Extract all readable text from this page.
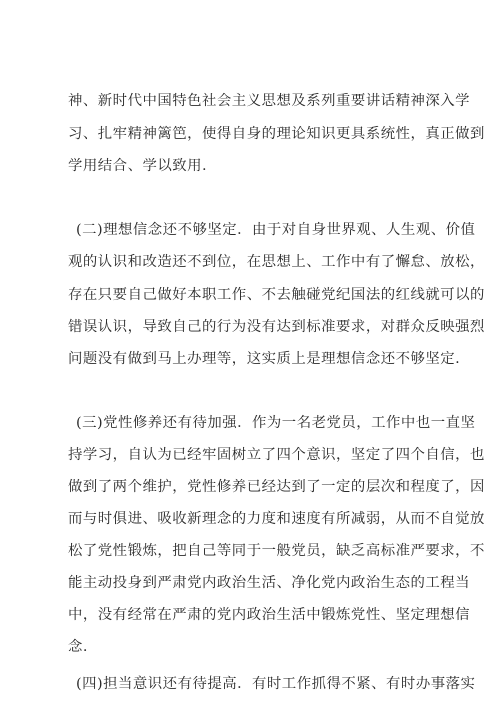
神、新时代中国特色社会主义思想及系列重要讲话精神深入学
习、扎牢精神篱笆，使得自身的理论知识更具系统性，真正做到
学用结合、学以致用.
(二)理想信念还不够坚定．由于对自身世界观、人生观、价值
观的认识和改造还不到位，在思想上、工作中有了懈怠、放松，
存在只要自己做好本职工作、不去触碰党纪国法的红线就可以的
错误认识，导致自己的行为没有达到标准要求，对群众反映强烈
问题没有做到马上办理等，这实质上是理想信念还不够坚定.
(三)党性修养还有待加强．作为一名老党员，工作中也一直坚
持学习，自认为已经牢固树立了四个意识，坚定了四个自信，也
做到了两个维护，党性修养已经达到了一定的层次和程度了，因
而与时俱进、吸收新理念的力度和速度有所减弱，从而不自觉放
松了党性锻炼，把自己等同于一般党员，缺乏高标准严要求，不
能主动投身到严肃党内政治生活、净化党内政治生态的工程当
中，没有经常在严肃的党内政治生活中锻炼党性、坚定理想信
念.
(四)担当意识还有待提高．有时工作抓得不紧、有时办事落实
